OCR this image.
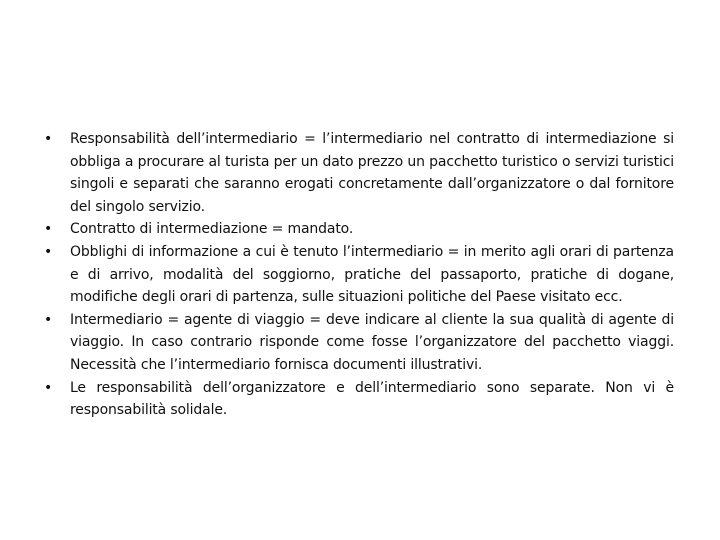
•	Responsabilità dell’intermediario = l’intermediario nel contratto di intermediazione si obbliga a procurare al turista per un dato prezzo un pacchetto turistico o servizi turistici singoli e separati che saranno erogati concretamente dall’organizzatore o dal fornitore del singolo servizio.
•	Contratto di intermediazione = mandato.
•	Obblighi di informazione a cui è tenuto l’intermediario = in merito agli orari di partenza e di arrivo, modalità del soggiorno, pratiche del passaporto, pratiche di dogane, modifiche degli orari di partenza, sulle situazioni politiche del Paese visitato ecc.
•	Intermediario = agente di viaggio = deve indicare al cliente la sua qualità di agente di viaggio. In caso contrario risponde come fosse l’organizzatore del pacchetto viaggi. Necessità che l’intermediario fornisca documenti illustrativi.
•	Le responsabilità dell’organizzatore e dell’intermediario sono separate. Non vi è responsabilità solidale.
